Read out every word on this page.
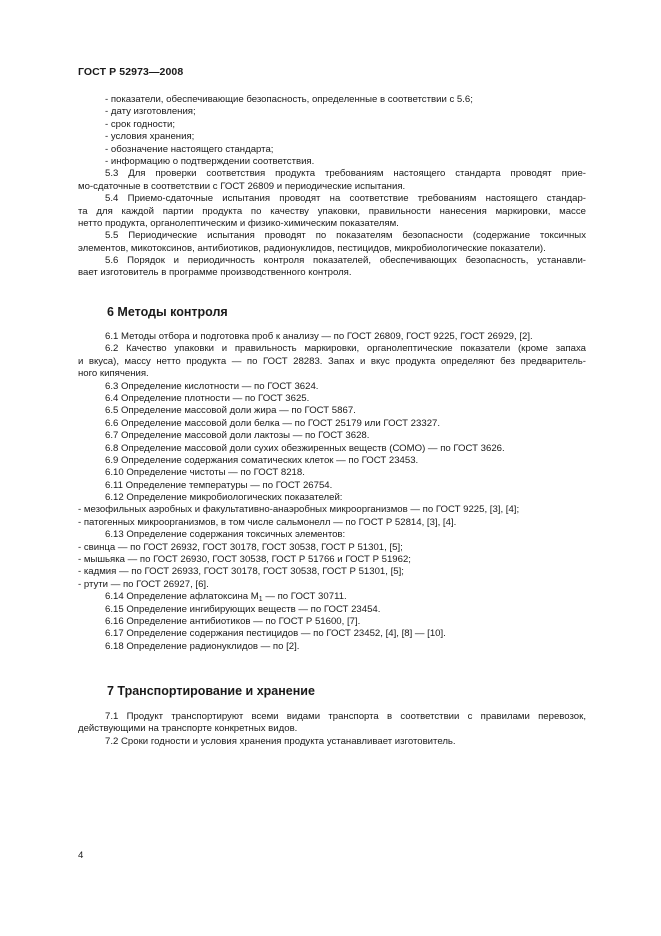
ГОСТ Р 52973—2008
- показатели, обеспечивающие безопасность, определенные в соответствии с 5.6;
- дату изготовления;
- срок годности;
- условия хранения;
- обозначение настоящего стандарта;
- информацию о подтверждении соответствия.
5.3 Для проверки соответствия продукта требованиям настоящего стандарта проводят прие-
мо-сдаточные в соответствии с ГОСТ 26809 и периодические испытания.
5.4 Приемо-сдаточные испытания проводят на соответствие требованиям настоящего стандар-
та для каждой партии продукта по качеству упаковки, правильности нанесения маркировки, массе
нетто продукта, органолептическим и физико-химическим показателям.
5.5 Периодические испытания проводят по показателям безопасности (содержание токсичных
элементов, микотоксинов, антибиотиков, радионуклидов, пестицидов, микробиологические показатели).
5.6 Порядок и периодичность контроля показателей, обеспечивающих безопасность, устанавли-
вает изготовитель в программе производственного контроля.
6 Методы контроля
6.1 Методы отбора и подготовка проб к анализу — по ГОСТ 26809, ГОСТ 9225, ГОСТ 26929, [2].
6.2 Качество упаковки и правильность маркировки, органолептические показатели (кроме запаха
и вкуса), массу нетто продукта — по ГОСТ 28283. Запах и вкус продукта определяют без предваритель-
ного кипячения.
6.3 Определение кислотности — по ГОСТ 3624.
6.4 Определение плотности — по ГОСТ 3625.
6.5 Определение массовой доли жира — по ГОСТ 5867.
6.6 Определение массовой доли белка — по ГОСТ 25179 или ГОСТ 23327.
6.7 Определение массовой доли лактозы — по ГОСТ 3628.
6.8 Определение массовой доли сухих обезжиренных веществ (СОМО) — по ГОСТ 3626.
6.9 Определение содержания соматических клеток — по ГОСТ 23453.
6.10 Определение чистоты — по ГОСТ 8218.
6.11 Определение температуры — по ГОСТ 26754.
6.12 Определение микробиологических показателей:
- мезофильных аэробных и факультативно-анаэробных микроорганизмов — по ГОСТ 9225, [3], [4];
- патогенных микроорганизмов, в том числе сальмонелл — по ГОСТ Р 52814, [3], [4].
6.13 Определение содержания токсичных элементов:
- свинца — по ГОСТ 26932, ГОСТ 30178, ГОСТ 30538, ГОСТ Р 51301, [5];
- мышьяка — по ГОСТ 26930, ГОСТ 30538, ГОСТ Р 51766 и ГОСТ Р 51962;
- кадмия — по ГОСТ 26933, ГОСТ 30178, ГОСТ 30538, ГОСТ Р 51301, [5];
- ртути — по ГОСТ 26927, [6].
6.14 Определение афлатоксина $М_1$ — по ГОСТ 30711.
6.15 Определение ингибирующих веществ — по ГОСТ 23454.
6.16 Определение антибиотиков — по ГОСТ Р 51600, [7].
6.17 Определение содержания пестицидов — по ГОСТ 23452, [4], [8] — [10].
6.18 Определение радионуклидов — по [2].
7 Транспортирование и хранение
7.1 Продукт транспортируют всеми видами транспорта в соответствии с правилами перевозок,
действующими на транспорте конкретных видов.
7.2 Сроки годности и условия хранения продукта устанавливает изготовитель.
4
